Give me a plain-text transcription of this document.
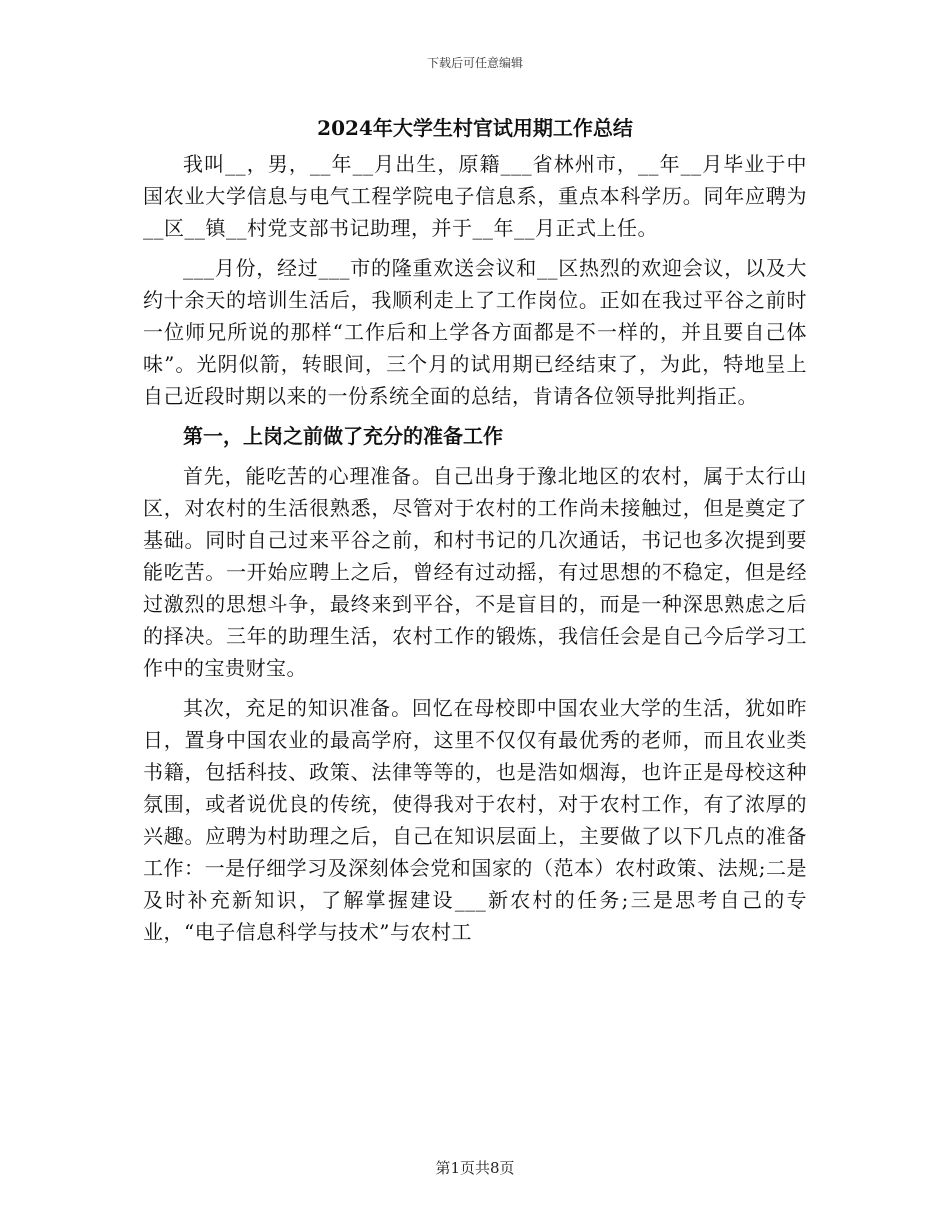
下载后可任意编辑
2024年大学生村官试用期工作总结

我叫__，男，__年__月出生，原籍___省林州市，__年__月毕业于中国农业大学信息与电气工程学院电子信息系，重点本科学历。同年应聘为__区__镇__村党支部书记助理，并于__年__月正式上任。

___月份，经过___市的隆重欢送会议和__区热烈的欢迎会议，以及大约十余天的培训生活后，我顺利走上了工作岗位。正如在我过平谷之前时一位师兄所说的那样“工作后和上学各方面都是不一样的，并且要自己体味”。光阴似箭，转眼间，三个月的试用期已经结束了，为此，特地呈上自己近段时期以来的一份系统全面的总结，肯请各位领导批判指正。

第一，上岗之前做了充分的准备工作

首先，能吃苦的心理准备。自己出身于豫北地区的农村，属于太行山区，对农村的生活很熟悉，尽管对于农村的工作尚未接触过，但是奠定了基础。同时自己过来平谷之前，和村书记的几次通话，书记也多次提到要能吃苦。一开始应聘上之后，曾经有过动摇，有过思想的不稳定，但是经过激烈的思想斗争，最终来到平谷，不是盲目的，而是一种深思熟虑之后的择决。三年的助理生活，农村工作的锻炼，我信任会是自己今后学习工作中的宝贵财宝。

其次，充足的知识准备。回忆在母校即中国农业大学的生活，犹如昨日，置身中国农业的最高学府，这里不仅仅有最优秀的老师，而且农业类书籍，包括科技、政策、法律等等的，也是浩如烟海，也许正是母校这种氛围，或者说优良的传统，使得我对于农村，对于农村工作，有了浓厚的兴趣。应聘为村助理之后，自己在知识层面上，主要做了以下几点的准备工作：一是仔细学习及深刻体会党和国家的（范本）农村政策、法规;二是及时补充新知识，了解掌握建设___新农村的任务;三是思考自己的专业，“电子信息科学与技术”与农村工

第1页共8页
